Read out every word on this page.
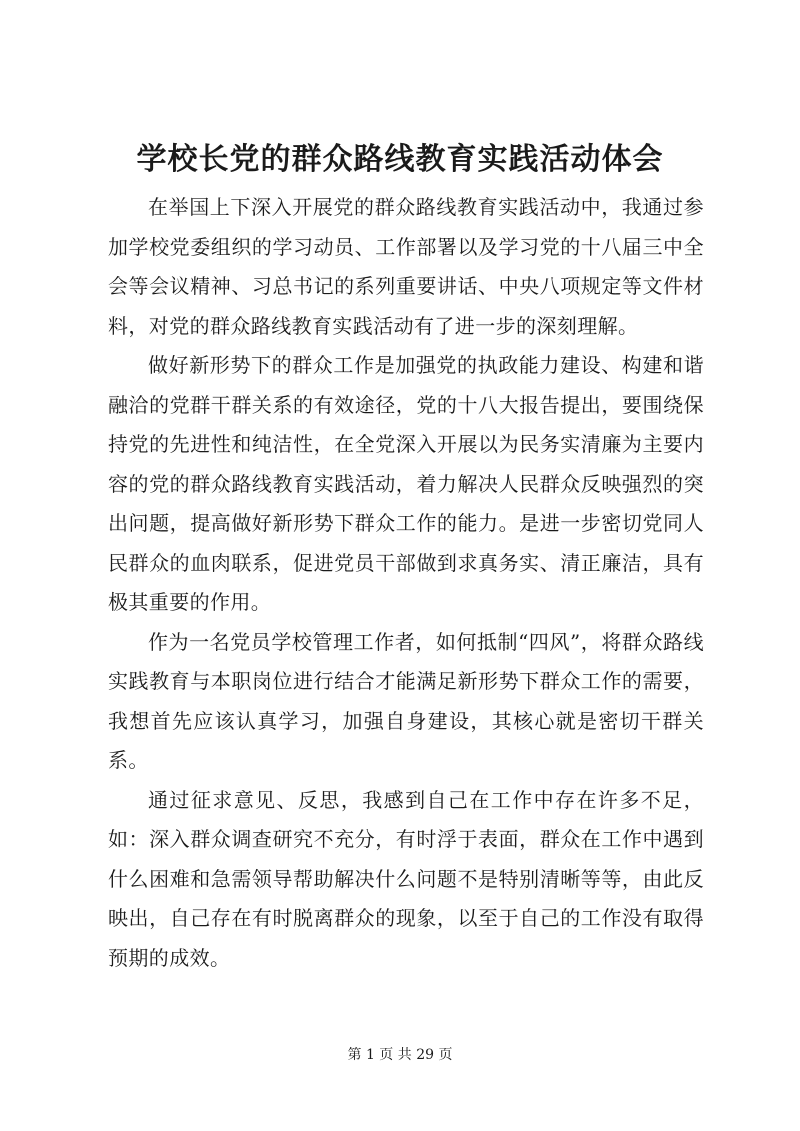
学校长党的群众路线教育实践活动体会

在举国上下深入开展党的群众路线教育实践活动中，我通过参加学校党委组织的学习动员、工作部署以及学习党的十八届三中全会等会议精神、习总书记的系列重要讲话、中央八项规定等文件材料，对党的群众路线教育实践活动有了进一步的深刻理解。

做好新形势下的群众工作是加强党的执政能力建设、构建和谐融洽的党群干群关系的有效途径，党的十八大报告提出，要围绕保持党的先进性和纯洁性，在全党深入开展以为民务实清廉为主要内容的党的群众路线教育实践活动，着力解决人民群众反映强烈的突出问题，提高做好新形势下群众工作的能力。是进一步密切党同人民群众的血肉联系，促进党员干部做到求真务实、清正廉洁，具有极其重要的作用。

作为一名党员学校管理工作者，如何抵制“四风”，将群众路线实践教育与本职岗位进行结合才能满足新形势下群众工作的需要，我想首先应该认真学习，加强自身建设，其核心就是密切干群关系。

通过征求意见、反思，我感到自己在工作中存在许多不足，如：深入群众调查研究不充分，有时浮于表面，群众在工作中遇到什么困难和急需领导帮助解决什么问题不是特别清晰等等，由此反映出，自己存在有时脱离群众的现象，以至于自己的工作没有取得预期的成效。

第 1 页 共 29 页
